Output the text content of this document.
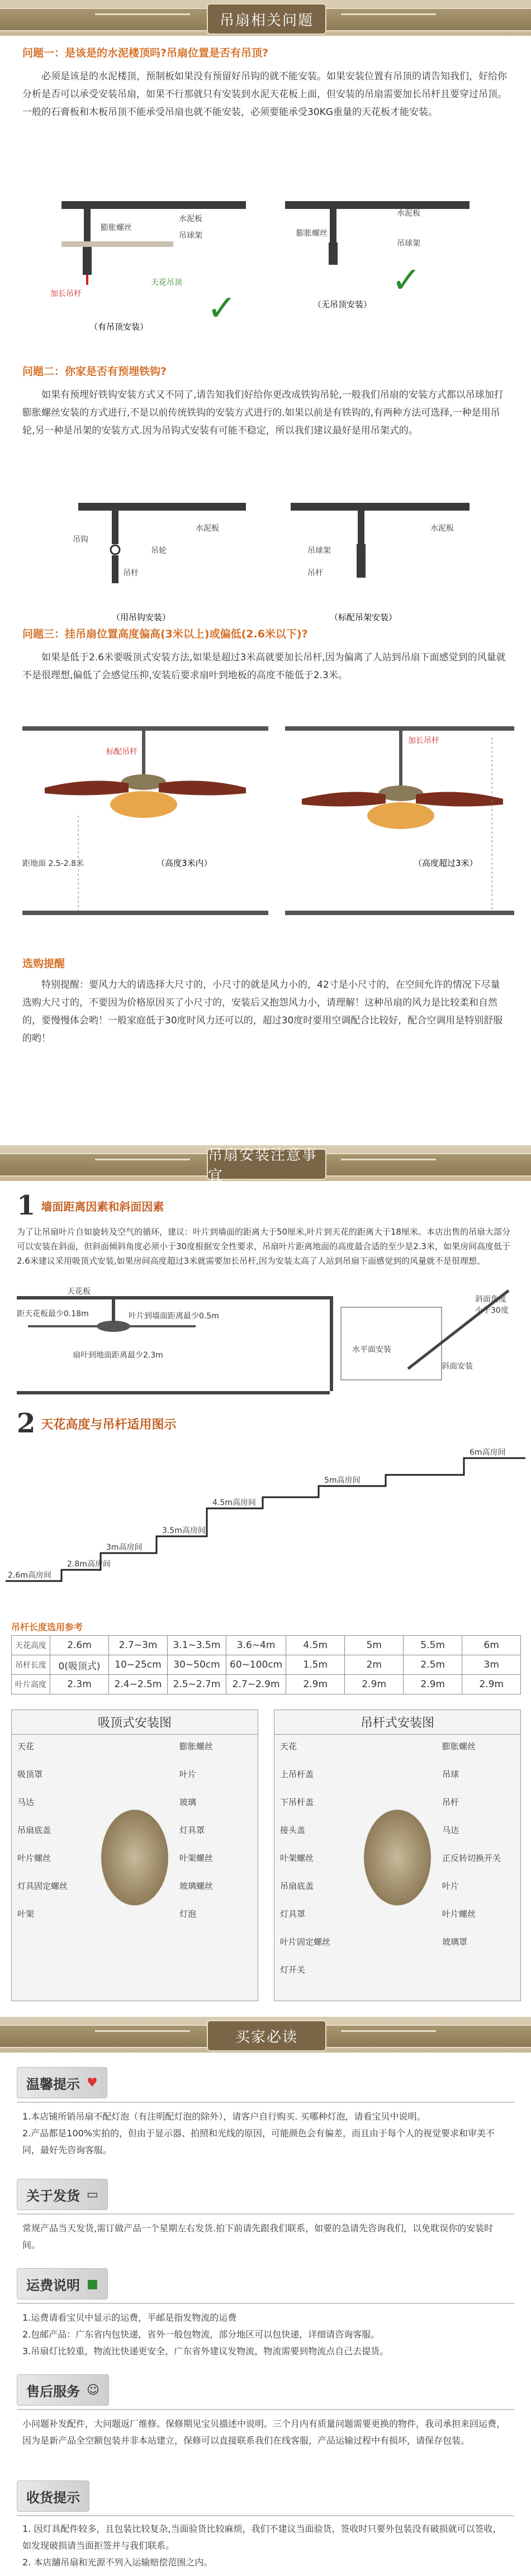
吊扇相关问题

问题一：是该是的水泥楼顶吗?吊扇位置是否有吊顶?

必须是该是的水泥楼顶，预制板如果没有预留好吊钩的就不能安装。如果安装位置有吊顶的请告知我们，好给你分析是否可以承受安装吊扇，如果不行那就只有安装到水泥天花板上面，但安装的吊扇需要加长吊杆且要穿过吊顶。 一般的石膏板和木板吊顶不能承受吊扇也就不能安装，必须要能承受30KG重量的天花板才能安装。

膨胀螺丝
水泥板
吊球架
天花吊顶
加长吊杆
（有吊顶安装）
水泥板
膨胀螺丝
吊球架
（无吊顶安装）
✓
✓

问题二：你家是否有预埋铁钩?

如果有预埋好铁钩安装方式又不同了,请告知我们好给你更改成铁钩吊轮,一般我们吊扇的安装方式都以吊球加打膨胀螺丝安装的方式进行,不是以前传统铁钩的安装方式进行的.如果以前是有铁钩的,有两种方法可选择,一种是用吊轮,另一种是吊架的安装方式.因为吊钩式安装有可能不稳定，所以我们建议最好是用吊架式的。

水泥板
吊钩
吊轮
吊杆
（用吊钩安装）
水泥板
吊球架
吊杆
（标配吊架安装）

问题三：挂吊扇位置高度偏高(3米以上)或偏低(2.6米以下)?

如果是低于2.6米要吸顶式安装方法,如果是超过3米高就要加长吊杆,因为偏离了人站到吊扇下面感觉到的风量就不是很理想,偏低了会感觉压抑,安装后要求扇叶到地板的高度不能低于2.3米。

标配吊杆
距地面 2.5-2.8米	（高度3米内）
加长吊杆
（高度超过3米）

选购提醒

特别提醒：要风力大的请选择大尺寸的，小尺寸的就是风力小的，42寸是小尺寸的，在空间允许的情况下尽量选购大尺寸的，不要因为价格原因买了小尺寸的，安装后又抱怨风力小，请理解！这种吊扇的风力是比较柔和自然的，要慢慢体会哟！一般家庭低于30度时风力还可以的，超过30度时要用空调配合比较好，配合空调用是特别舒服的哟！

吊扇安装注意事宜
1 墙面距离因素和斜面因素

为了让吊扇叶片自如旋转及空气的循环，建议：叶片到墙面的距离大于50厘米,叶片到天花的距离大于18厘米。本店出售的吊扇大部分可以安装在斜面，但斜面倾斜角度必须小于30度根据安全性要求，吊扇叶片距离地面的高度最合适的至少是2.3米，如果房间高度低于2.6米建议采用吸顶式安装,如果房间高度超过3米就需要加长吊杆,因为安装太高了人站到吊扇下面感觉到的风量就不是很理想。

天花板
距天花板最少0.18m	叶片到墙面距离最少0.5m
扇叶到地面距离最少2.3m
水平面安装
斜面安装
斜面角度
小于30度
2 天花高度与吊杆适用图示
2.6m高房间
2.8m高房间
3m高房间
3.5m高房间
4.5m高房间
5m高房间
6m高房间
吊杆长度选用参考
天花高度	2.6m	2.7~3m	3.1~3.5m	3.6~4m	4.5m	5m	5.5m	6m
吊杆长度	0(吸顶式)	10~25cm	30~50cm	60~100cm	1.5m	2m	2.5m	3m
叶片高度	2.3m	2.4~2.5m	2.5~2.7m	2.7~2.9m	2.9m	2.9m	2.9m	2.9m
吸顶式安装图
天花
吸顶罩
马达
吊扇底盖
叶片螺丝
灯具固定螺丝
叶架
膨胀螺丝
叶片
玻璃
灯具罩
叶架螺丝
玻璃螺丝
灯泡
吊杆式安装图
天花
上吊杆盖
下吊杆盖
接头盖
叶架螺丝
吊扇底盖
灯具罩
叶片固定螺丝
灯开关
膨胀螺丝
吊球
吊杆
马达
正反转切换开关
叶片
叶片螺丝
玻璃罩
买家必读
温馨提示 ♥
1.本店铺所销吊扇不配灯泡（有注明配灯泡的除外），请客户自行购买. 买哪种灯泡，请看宝贝中说明。
2.产品都是100%实拍的，但由于显示器、拍照和光线的原因，可能颜色会有偏差，而且由于每个人的视觉要求和审美不同，最好先咨询客服。
关于发货 ▭
常规产品当天发货,需订做产品一个星期左右发货.拍下前请先跟我们联系，如要的急请先咨询我们，以免耽误你的安装时间。
运费说明 ■
1.运费请看宝贝中显示的运费，平邮是指发物流的运费
2.包邮产品：广东省内包快递，省外一般包物流，部分地区可以包快递，详细请咨询客服。
3.吊扇灯比较重，物流比快递更安全，广东省外建议发物流，物流需要到物流点自己去提货。
售后服务 ☺
小问题补发配件，大问题返厂维修。保修期见宝贝描述中说明。三个月内有质量问题需要更换的物件，我司承担来回运费，因为是新产品全空额包装并非本站建立，保修可以直接联系我们在线客服，产品运输过程中有损坏，请保存包装。
收货提示
1. 因灯具配件较多，且包装比较复杂,当面验货比较麻烦，我们不建议当面验货，签收时只要外包装没有破损就可以签收，如发现破损请当面拒签并与我们联系。
2. 本店舖吊扇和光源不列入运输赔偿范围之内。
